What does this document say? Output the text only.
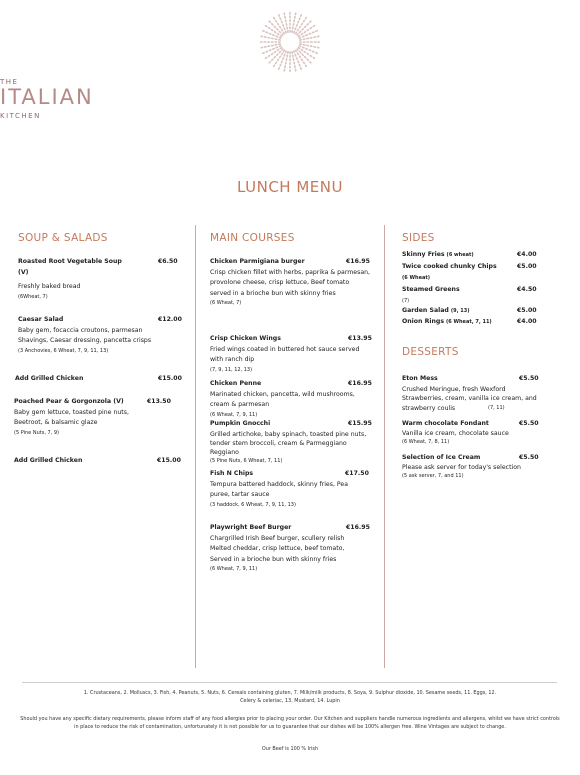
THE
ITALIAN
KITCHEN
LUNCH MENU
SOUP & SALADS
Roasted Root Vegetable Soup (V)
€6.50
Freshly baked bread
(6Wheat, 7)
Caesar Salad	€12.00
Baby gem, focaccia croutons, parmesan Shavings, Caesar dressing, pancetta crisps
(3 Anchovies, 6 Wheat, 7, 9, 11, 13)
Add Grilled Chicken	€15.00
Poached Pear & Gorgonzola (V)	€13.50
Baby gem lettuce, toasted pine nuts, Beetroot, & balsamic glaze
(5 Pine Nuts, 7, 9)
Add Grilled Chicken	€15.00
MAIN COURSES
Chicken Parmigiana burger	€16.95
Crisp chicken fillet with herbs, paprika & parmesan, provolone cheese, crisp lettuce, Beef tomato served in a brioche bun with skinny fries
(6 Wheat, 7)
Crisp Chicken Wings	€13.95
Fried wings coated in buttered hot sauce served with ranch dip
(7, 9, 11, 12, 13)
Chicken Penne	€16.95
Marinated chicken, pancetta, wild mushrooms, cream & parmesan
(6 Wheat, 7, 9, 11)
Pumpkin Gnocchi	€15.95
Grilled artichoke, baby spinach, toasted pine nuts, tender stem broccoli, cream & Parmeggiano Reggiano
(5 Pine Nuts, 6 Wheat, 7, 11)
Fish N Chips	€17.50
Tempura battered haddock, skinny fries, Pea puree, tartar sauce
(3 haddock, 6 Wheat, 7, 9, 11, 13)
Playwright Beef Burger	€16.95
Chargrilled Irish Beef burger, scullery relish Melted cheddar, crisp lettuce, beef tomato, Served in a brioche bun with skinny fries
(6 Wheat, 7, 9, 11)
SIDES
Skinny Fries (6 wheat)	€4.00
Twice cooked chunky Chips (6 Wheat)
€5.00
Steamed Greens
(7)
€4.50
Garden Salad (9, 13)	€5.00
Onion Rings (6 Wheat, 7, 11)	€4.00
DESSERTS
Eton Mess	€5.50
Crushed Meringue, fresh Wexford Strawberries, cream, vanilla ice cream, and strawberry coulis	(7, 11)
Warm chocolate Fondant	€5.50
Vanilla ice cream, chocolate sauce
(6 Wheat, 7, 8, 11)
Selection of Ice Cream	€5.50
Please ask server for today's selection
(5 ask server, 7, and 11)
1. Crustaceans, 2. Molluscs, 3. Fish, 4. Peanuts, 5. Nuts, 6. Cereals containing gluten, 7. Milk/milk products, 8. Soya, 9. Sulphur dioxide, 10. Sesame seeds, 11. Eggs, 12. Celery & celeriac, 13. Mustard, 14. Lupin
Should you have any specific dietary requirements, please inform staff of any food allergies prior to placing your order. Our Kitchen and suppliers handle numerous ingredients and allergens, whilst we have strict controls in place to reduce the risk of contamination, unfortunately it is not possible for us to guarantee that our dishes will be 100% allergen free. Wine Vintages are subject to change.
Our Beef is 100 % Irish
